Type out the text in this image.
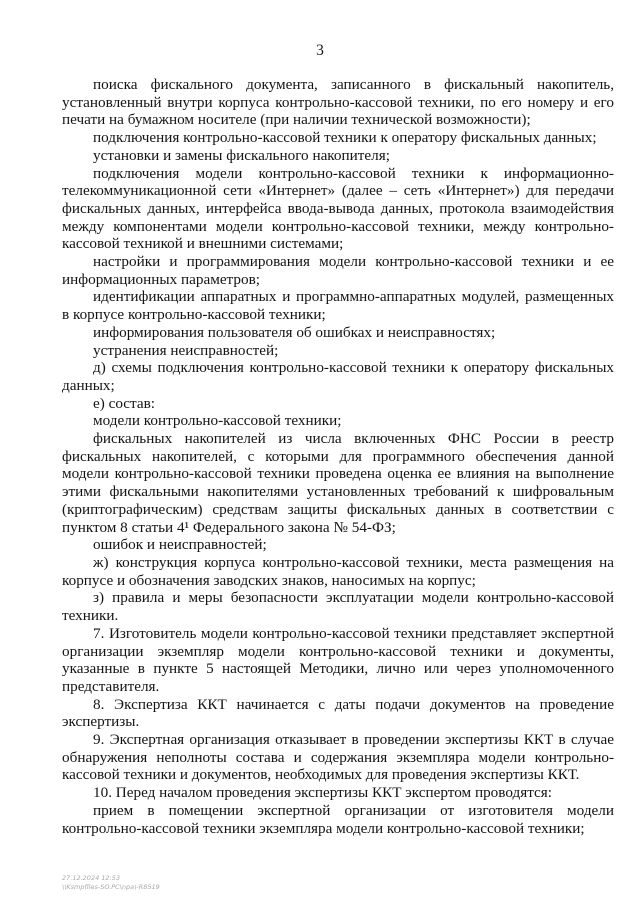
3

поиска фискального документа, записанного в фискальный накопитель, установленный внутри корпуса контрольно-кассовой техники, по его номеру и его печати на бумажном носителе (при наличии технической возможности);

подключения контрольно-кассовой техники к оператору фискальных данных;

установки и замены фискального накопителя;

подключения модели контрольно-кассовой техники к информационно-телекоммуникационной сети «Интернет» (далее – сеть «Интернет») для передачи фискальных данных, интерфейса ввода-вывода данных, протокола взаимодействия между компонентами модели контрольно-кассовой техники, между контрольно-кассовой техникой и внешними системами;

настройки и программирования модели контрольно-кассовой техники и ее информационных параметров;

идентификации аппаратных и программно-аппаратных модулей, размещенных в корпусе контрольно-кассовой техники;

информирования пользователя об ошибках и неисправностях;

устранения неисправностей;

д) схемы подключения контрольно-кассовой техники к оператору фискальных данных;

е) состав:

модели контрольно-кассовой техники;

фискальных накопителей из числа включенных ФНС России в реестр фискальных накопителей, с которыми для программного обеспечения данной модели контрольно-кассовой техники проведена оценка ее влияния на выполнение этими фискальными накопителями установленных требований к шифровальным (криптографическим) средствам защиты фискальных данных в соответствии с пунктом 8 статьи 4¹ Федерального закона № 54-ФЗ;

ошибок и неисправностей;

ж) конструкция корпуса контрольно-кассовой техники, места размещения на корпусе и обозначения заводских знаков, наносимых на корпус;

з) правила и меры безопасности эксплуатации модели контрольно-кассовой техники.

7. Изготовитель модели контрольно-кассовой техники представляет экспертной организации экземпляр модели контрольно-кассовой техники и документы, указанные в пункте 5 настоящей Методики, лично или через уполномоченного представителя.

8. Экспертиза ККТ начинается с даты подачи документов на проведение экспертизы.

9. Экспертная организация отказывает в проведении экспертизы ККТ в случае обнаружения неполноты состава и содержания экземпляра модели контрольно-кассовой техники и документов, необходимых для проведения экспертизы ККТ.

10. Перед началом проведения экспертизы ККТ экспертом проводятся:

прием в помещении экспертной организации от изготовителя модели контрольно-кассовой техники экземпляра модели контрольно-кассовой техники;

27.12.2024 12:53
\\Ksmpfiles-SO.PC\npa\-R8519
